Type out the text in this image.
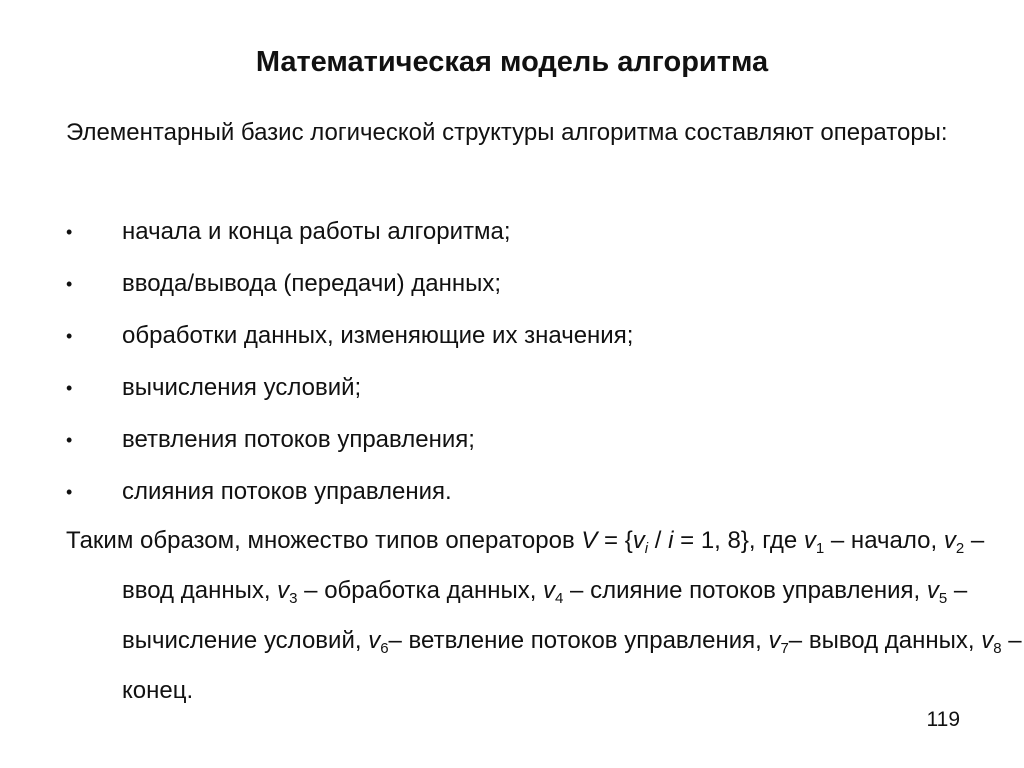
Математическая модель алгоритма
Элементарный базис логической структуры алгоритма составляют операторы:
• начала и конца работы алгоритма;
• ввода/вывода (передачи) данных;
• обработки данных, изменяющие их значения;
• вычисления условий;
• ветвления потоков управления;
• слияния потоков управления.
Таким образом, множество типов операторов $V = \{v_i / i = 1$, 8}, где $v_1$ – начало, $v_2$ – ввод данных, $v_3$ – обработка данных, $v_4$ – слияние потоков управления, $v_5$ – вычисление условий, $v_6-$ ветвление потоков управления, $v_7-$ вывод данных, $v_8$ – конец.
119
